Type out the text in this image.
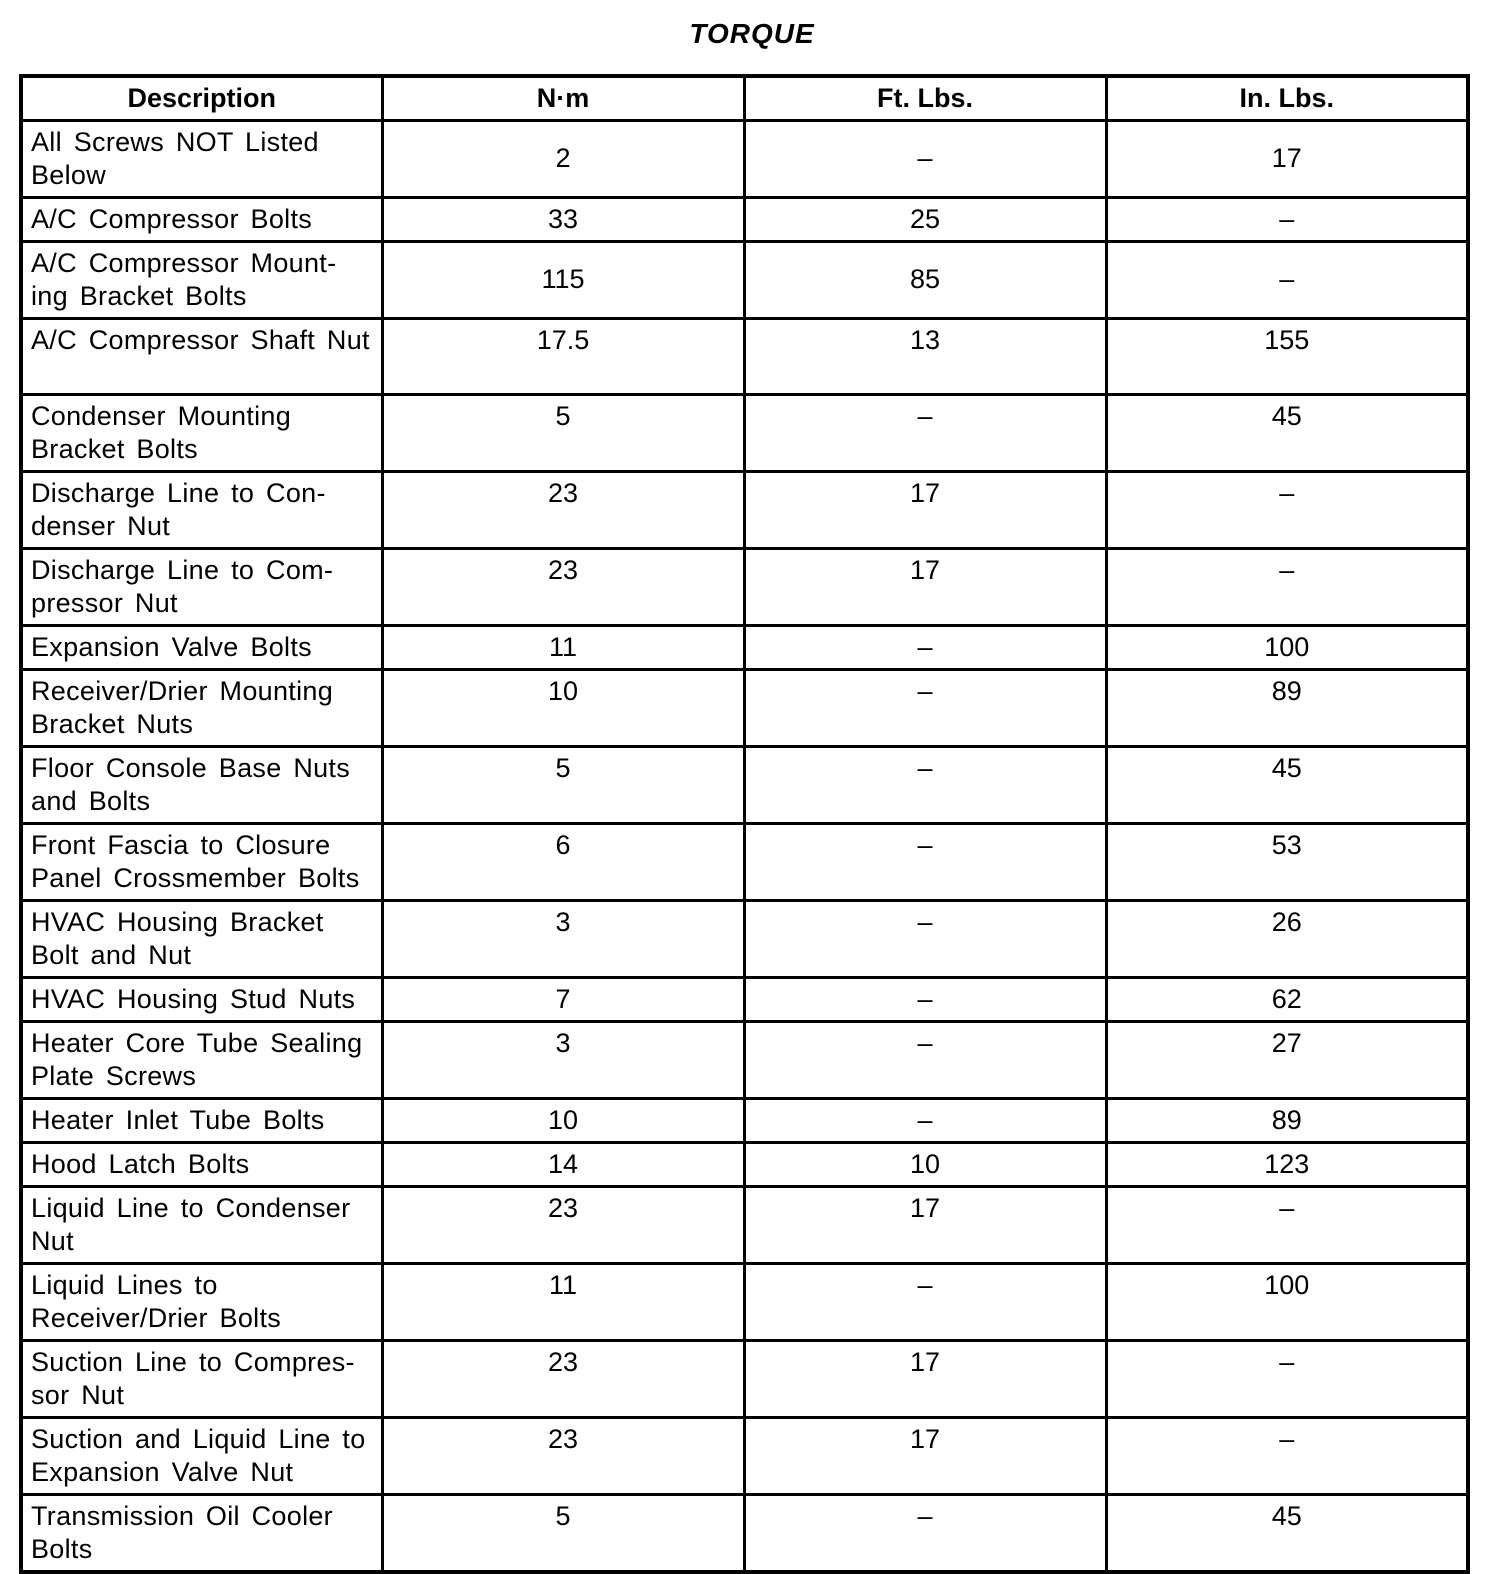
TORQUE
Description	N·m	Ft. Lbs.	In. Lbs.
All Screws NOT Listed Below	2	–	17
A/C Compressor Bolts	33	25	–
A/C Compressor Mount-ing Bracket Bolts	115	85	–
A/C Compressor Shaft Nut	17.5	13	155
Condenser Mounting Bracket Bolts	5	–	45
Discharge Line to Con-denser Nut	23	17	–
Discharge Line to Com-pressor Nut	23	17	–
Expansion Valve Bolts	11	–	100
Receiver/Drier Mounting Bracket Nuts	10	–	89
Floor Console Base Nuts and Bolts	5	–	45
Front Fascia to Closure Panel Crossmember Bolts	6	–	53
HVAC Housing Bracket Bolt and Nut	3	–	26
HVAC Housing Stud Nuts	7	–	62
Heater Core Tube Sealing Plate Screws	3	–	27
Heater Inlet Tube Bolts	10	–	89
Hood Latch Bolts	14	10	123
Liquid Line to Condenser Nut	23	17	–
Liquid Lines to Receiver/Drier Bolts	11	–	100
Suction Line to Compres-sor Nut	23	17	–
Suction and Liquid Line to Expansion Valve Nut	23	17	–
Transmission Oil Cooler Bolts	5	–	45
